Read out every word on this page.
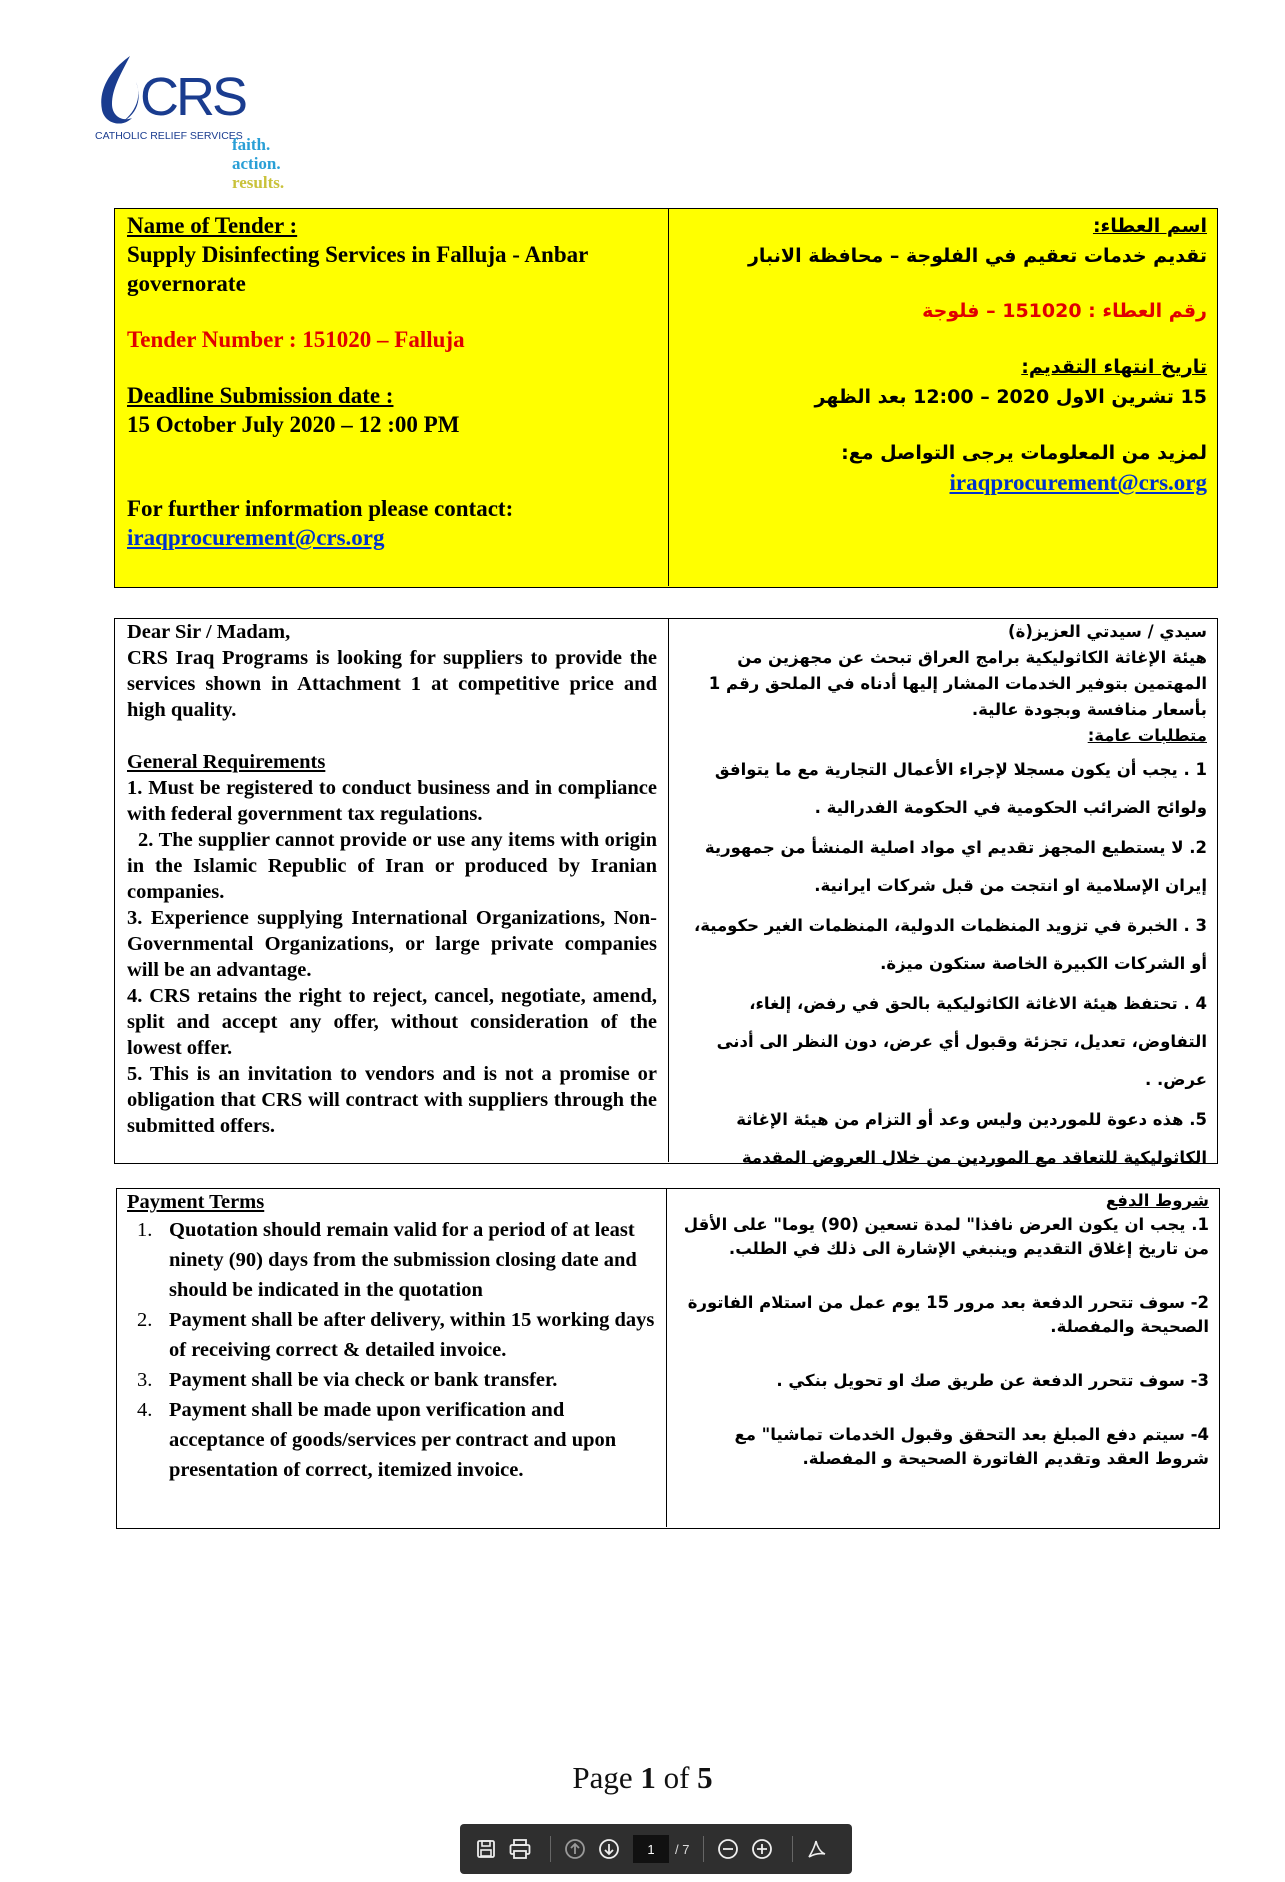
CRS
CATHOLIC RELIEF SERVICES
faith.
action.
results.
Name of Tender :
Supply Disinfecting Services in Falluja - Anbar governorate
Tender Number : 151020 – Falluja
Deadline Submission date :
15 October July 2020 – 12 :00 PM
For further information please contact:
iraqprocurement@crs.org
اسم العطاء:
تقديم خدمات تعقيم في الفلوجة – محافظة الانبار
رقم العطاء : 151020 – فلوجة
تاريخ انتهاء التقديم:
15 تشرين الاول 2020 – 12:00 بعد الظهر
لمزيد من المعلومات يرجى التواصل مع:
iraqprocurement@crs.org
Dear Sir / Madam,
CRS Iraq Programs is looking for suppliers to provide the services shown in Attachment 1 at competitive price and high quality.
General Requirements
1. Must be registered to conduct business and in compliance with federal government tax regulations.
2. The supplier cannot provide or use any items with origin in the Islamic Republic of Iran or produced by Iranian companies.
3. Experience supplying International Organizations, Non-Governmental Organizations, or large private companies will be an advantage.
4. CRS retains the right to reject, cancel, negotiate, amend, split and accept any offer, without consideration of the lowest offer.
5. This is an invitation to vendors and is not a promise or obligation that CRS will contract with suppliers through the submitted offers.
سيدي / سيدتي العزيز(ة)
هيئة الإغاثة الكاثوليكية برامج العراق تبحث عن مجهزين من المهتمين بتوفير الخدمات المشار إليها أدناه في الملحق رقم 1 بأسعار منافسة وبجودة عالية.
متطلبات عامة:
1 . يجب أن يكون مسجلا لإجراء الأعمال التجارية مع ما يتوافق ولوائح الضرائب الحكومية في الحكومة الفدرالية .
2. لا يستطيع المجهز تقديم اي مواد اصلية المنشأ من جمهورية إيران الإسلامية او انتجت من قبل شركات ايرانية.
3 . الخبرة في تزويد المنظمات الدولية، المنظمات الغير حكومية، أو الشركات الكبيرة الخاصة ستكون ميزة.
4 . تحتفظ هيئة الاغاثة الكاثوليكية بالحق في رفض، إلغاء، التفاوض، تعديل، تجزئة وقبول أي عرض، دون النظر الى أدنى عرض. .
5. هذه دعوة للموردين وليس وعد أو التزام من هيئة الإغاثة الكاثوليكية للتعاقد مع الموردين من خلال العروض المقدمة
Payment Terms
1. Quotation should remain valid for a period of at least ninety (90) days from the submission closing date and should be indicated in the quotation
2. Payment shall be after delivery, within 15 working days of receiving correct & detailed invoice.
3. Payment shall be via check or bank transfer.
4. Payment shall be made upon verification and acceptance of goods/services per contract and upon presentation of correct, itemized invoice.
شروط الدفع
1. يجب ان يكون العرض نافذا" لمدة تسعين (90) يوما" على الأقل من تاريخ إغلاق التقديم وينبغي الإشارة الى ذلك في الطلب.
2- سوف تتحرر الدفعة بعد مرور 15 يوم عمل من استلام الفاتورة الصحيحة والمفصلة.
3- سوف تتحرر الدفعة عن طريق صك او تحويل بنكي .
4- سيتم دفع المبلغ بعد التحقق وقبول الخدمات تماشيا" مع شروط العقد وتقديم الفاتورة الصحيحة و المفصلة.
Page 1 of 5
1	/ 7
